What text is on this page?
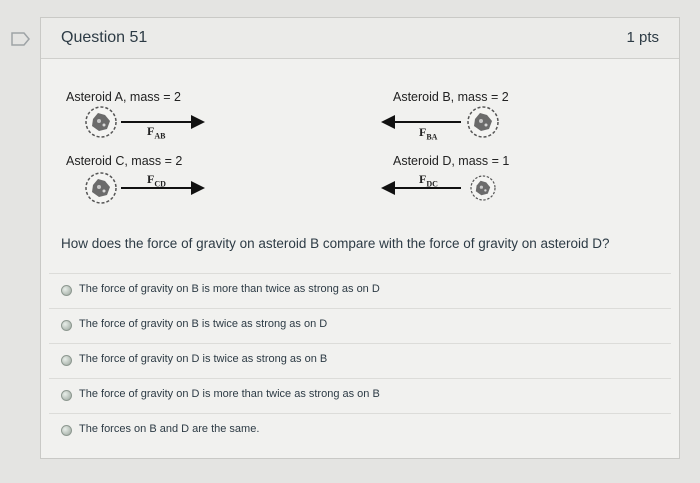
Question 51	1 pts
Asteroid A, mass = 2	Asteroid B, mass = 2
Asteroid C, mass = 2	Asteroid D, mass = 1
$F_{AB}$	$F_{BA}$
$F_{CD}$	$F_{DC}$
How does the force of gravity on asteroid B compare with the force of gravity on asteroid D?
The force of gravity on B is more than twice as strong as on D
The force of gravity on B is twice as strong as on D
The force of gravity on D is twice as strong as on B
The force of gravity on D is more than twice as strong as on B
The forces on B and D are the same.
